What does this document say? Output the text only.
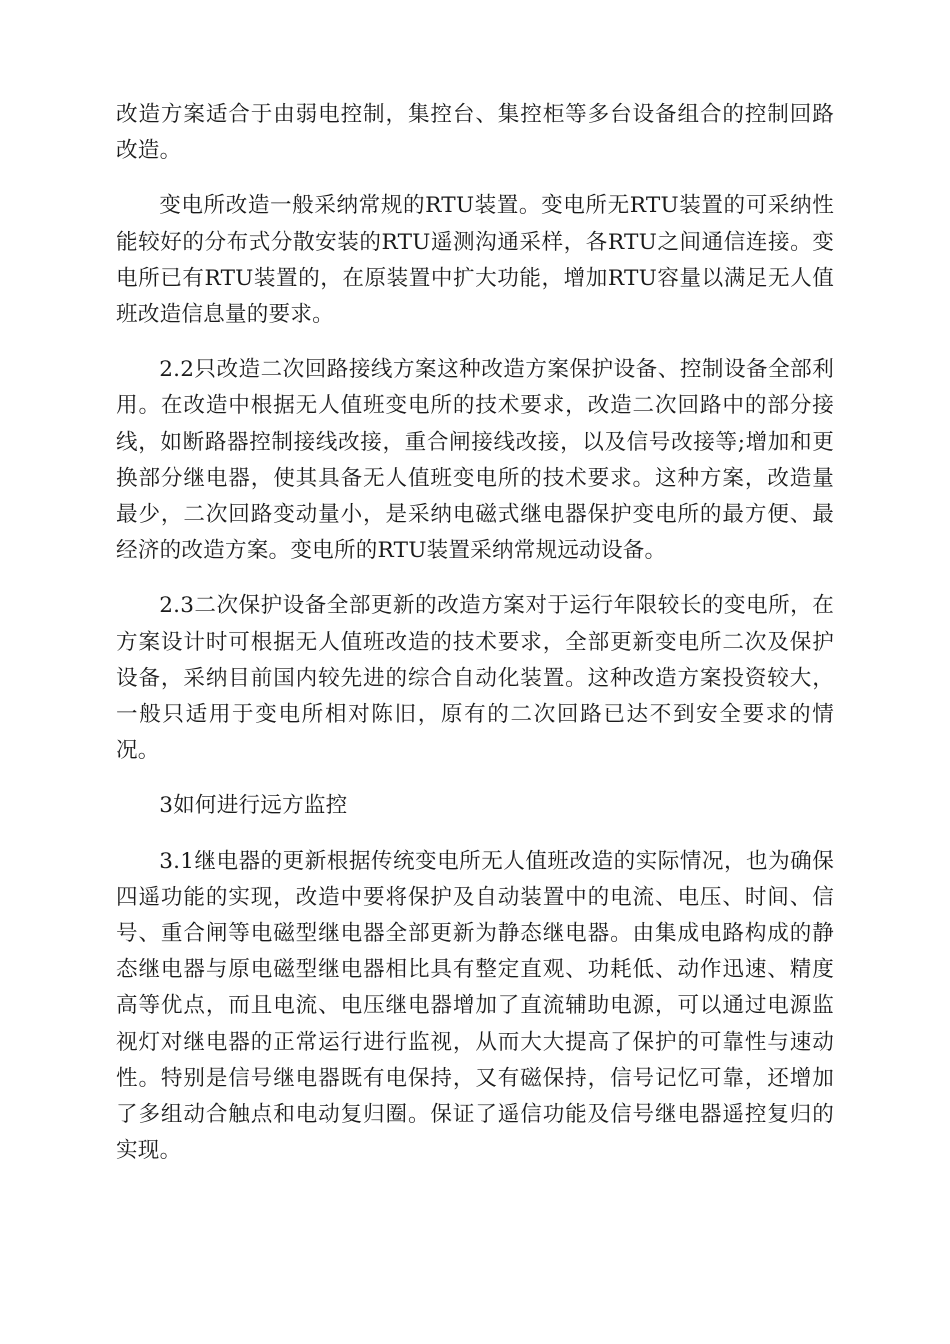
改造方案适合于由弱电控制，集控台、集控柜等多台设备组合的控制回路改造。

变电所改造一般采纳常规的RTU装置。变电所无RTU装置的可采纳性能较好的分布式分散安装的RTU遥测沟通采样，各RTU之间通信连接。变电所已有RTU装置的，在原装置中扩大功能，增加RTU容量以满足无人值班改造信息量的要求。

2.2只改造二次回路接线方案这种改造方案保护设备、控制设备全部利用。在改造中根据无人值班变电所的技术要求，改造二次回路中的部分接线，如断路器控制接线改接，重合闸接线改接，以及信号改接等;增加和更换部分继电器，使其具备无人值班变电所的技术要求。这种方案，改造量最少，二次回路变动量小，是采纳电磁式继电器保护变电所的最方便、最经济的改造方案。变电所的RTU装置采纳常规远动设备。

2.3二次保护设备全部更新的改造方案对于运行年限较长的变电所，在方案设计时可根据无人值班改造的技术要求，全部更新变电所二次及保护设备，采纳目前国内较先进的综合自动化装置。这种改造方案投资较大，一般只适用于变电所相对陈旧，原有的二次回路已达不到安全要求的情况。

3如何进行远方监控

3.1继电器的更新根据传统变电所无人值班改造的实际情况，也为确保四遥功能的实现，改造中要将保护及自动装置中的电流、电压、时间、信号、重合闸等电磁型继电器全部更新为静态继电器。由集成电路构成的静态继电器与原电磁型继电器相比具有整定直观、功耗低、动作迅速、精度高等优点，而且电流、电压继电器增加了直流辅助电源，可以通过电源监视灯对继电器的正常运行进行监视，从而大大提高了保护的可靠性与速动性。特别是信号继电器既有电保持，又有磁保持，信号记忆可靠，还增加了多组动合触点和电动复归圈。保证了遥信功能及信号继电器遥控复归的实现。
